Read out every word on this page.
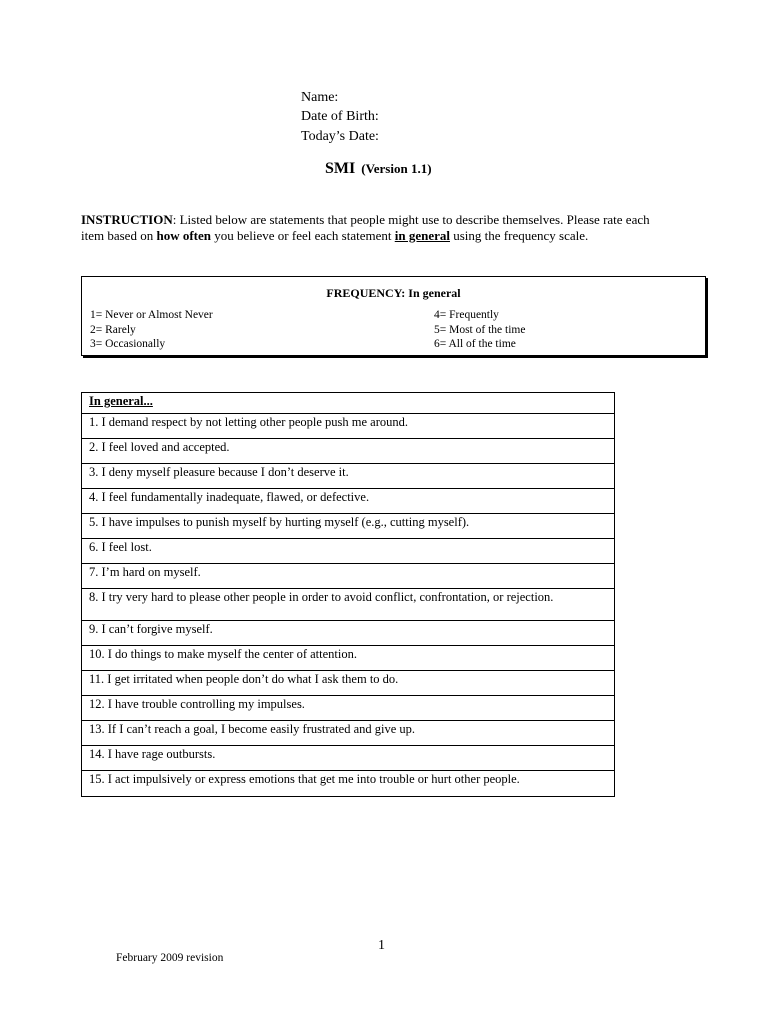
Name:
Date of Birth:
Today’s Date:
SMI (Version 1.1)
INSTRUCTION: Listed below are statements that people might use to describe themselves. Please rate each item based on how often you believe or feel each statement in general using the frequency scale.
FREQUENCY: In general
1= Never or Almost Never
2= Rarely
3= Occasionally
4= Frequently
5= Most of the time
6= All of the time
In general...
1. I demand respect by not letting other people push me around.
2. I feel loved and accepted.
3. I deny myself pleasure because I don’t deserve it.
4. I feel fundamentally inadequate, flawed, or defective.
5. I have impulses to punish myself by hurting myself (e.g., cutting myself).
6. I feel lost.
7. I’m hard on myself.
8. I try very hard to please other people in order to avoid conflict, confrontation, or rejection.
9. I can’t forgive myself.
10. I do things to make myself the center of attention.
11. I get irritated when people don’t do what I ask them to do.
12. I have trouble controlling my impulses.
13. If I can’t reach a goal, I become easily frustrated and give up.
14. I have rage outbursts.
15. I act impulsively or express emotions that get me into trouble or hurt other people.
1
February 2009 revision
